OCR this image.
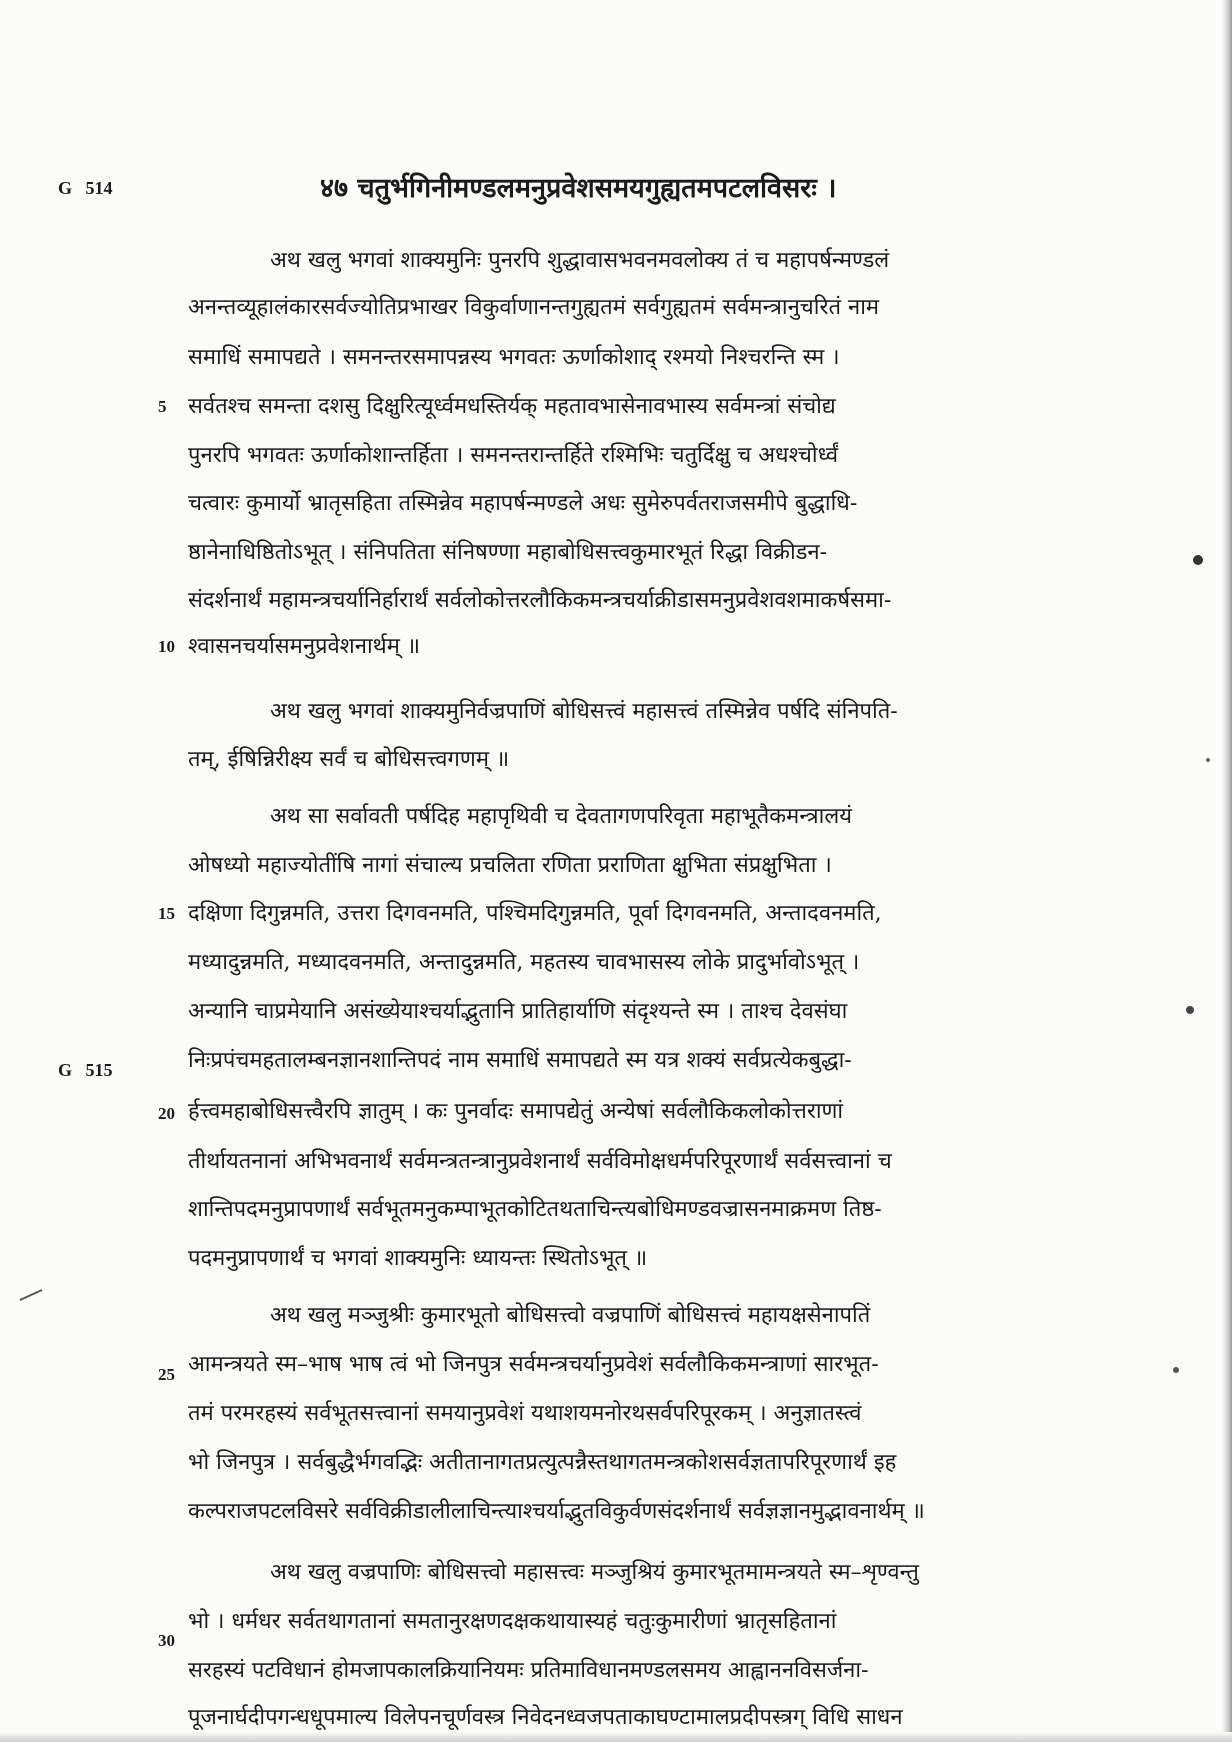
G   514
G   515
४७ चतुर्भगिनीमण्डलमनुप्रवेशसमयगुह्यतमपटलविसरः ।
5
10
15
20
25
30
अथ खलु भगवां शाक्यमुनिः पुनरपि शुद्धावासभवनमवलोक्य तं च महापर्षन्मण्डलं
अनन्तव्यूहालंकारसर्वज्योतिप्रभाखर विकुर्वाणानन्तगुह्यतमं सर्वगुह्यतमं सर्वमन्त्रानुचरितं नाम
समाधिं समापद्यते । समनन्तरसमापन्नस्य भगवतः ऊर्णाकोशाद् रश्मयो निश्चरन्ति स्म ।
सर्वतश्च समन्ता दशसु दिक्षुरित्यूर्ध्वमधस्तिर्यक् महतावभासेनावभास्य सर्वमन्त्रां संचोद्य
पुनरपि भगवतः ऊर्णाकोशान्तर्हिता । समनन्तरान्तर्हिते रश्मिभिः चतुर्दिक्षु च अधश्चोर्ध्वं
चत्वारः कुमार्यो भ्रातृसहिता तस्मिन्नेव महापर्षन्मण्डले अधः सुमेरुपर्वतराजसमीपे बुद्धाधि-
ष्ठानेनाधिष्ठितोऽभूत् । संनिपतिता संनिषण्णा महाबोधिसत्त्वकुमारभूतं रिद्धा विक्रीडन-
संदर्शनार्थं महामन्त्रचर्यानिर्हारार्थं सर्वलोकोत्तरलौकिकमन्त्रचर्याक्रीडासमनुप्रवेशवशमाकर्षसमा-
श्वासनचर्यासमनुप्रवेशनार्थम् ॥
अथ खलु भगवां शाक्यमुनिर्वज्रपाणिं बोधिसत्त्वं महासत्त्वं तस्मिन्नेव पर्षदि संनिपति-
तम्, ईषिन्निरीक्ष्य सर्वं च बोधिसत्त्वगणम् ॥
अथ सा सर्वावती पर्षदिह महापृथिवी च देवतागणपरिवृता महाभूतैकमन्त्रालयं
ओषध्यो महाज्योतींषि नागां संचाल्य प्रचलिता रणिता प्रराणिता क्षुभिता संप्रक्षुभिता ।
दक्षिणा दिगुन्नमति, उत्तरा दिगवनमति, पश्चिमदिगुन्नमति, पूर्वा दिगवनमति, अन्तादवनमति,
मध्यादुन्नमति, मध्यादवनमति, अन्तादुन्नमति, महतस्य चावभासस्य लोके प्रादुर्भावोऽभूत् ।
अन्यानि चाप्रमेयानि असंख्येयाश्चर्याद्भुतानि प्रातिहार्याणि संदृश्यन्ते स्म । ताश्च देवसंघा
निःप्रपंचमहतालम्बनज्ञानशान्तिपदं नाम समाधिं समापद्यते स्म यत्र शक्यं सर्वप्रत्येकबुद्धा-
र्हत्त्वमहाबोधिसत्त्वैरपि ज्ञातुम् । कः पुनर्वादः समापद्येतुं अन्येषां सर्वलौकिकलोकोत्तराणां
तीर्थायतनानां अभिभवनार्थं सर्वमन्त्रतन्त्रानुप्रवेशनार्थं सर्वविमोक्षधर्मपरिपूरणार्थं सर्वसत्त्वानां च
शान्तिपदमनुप्रापणार्थं सर्वभूतमनुकम्पाभूतकोटितथताचिन्त्यबोधिमण्डवज्रासनमाक्रमण तिष्ठ-
पदमनुप्रापणार्थं च भगवां शाक्यमुनिः ध्यायन्तः स्थितोऽभूत् ॥
अथ खलु मञ्जुश्रीः कुमारभूतो बोधिसत्त्वो वज्रपाणिं बोधिसत्त्वं महायक्षसेनापतिं
आमन्त्रयते स्म–भाष भाष त्वं भो जिनपुत्र सर्वमन्त्रचर्यानुप्रवेशं सर्वलौकिकमन्त्राणां सारभूत-
तमं परमरहस्यं सर्वभूतसत्त्वानां समयानुप्रवेशं यथाशयमनोरथसर्वपरिपूरकम् । अनुज्ञातस्त्वं
भो जिनपुत्र । सर्वबुद्धैर्भगवद्भिः अतीतानागतप्रत्युत्पन्नैस्तथागतमन्त्रकोशसर्वज्ञतापरिपूरणार्थं इह
कल्पराजपटलविसरे सर्वविक्रीडालीलाचिन्त्याश्चर्याद्भुतविकुर्वणसंदर्शनार्थं सर्वज्ञज्ञानमुद्भावनार्थम् ॥
अथ खलु वज्रपाणिः बोधिसत्त्वो महासत्त्वः मञ्जुश्रियं कुमारभूतमामन्त्रयते स्म–शृण्वन्तु
भो । धर्मधर सर्वतथागतानां समतानुरक्षणदक्षकथायास्यहं चतुःकुमारीणां भ्रातृसहितानां
सरहस्यं पटविधानं होमजापकालक्रियानियमः प्रतिमाविधानमण्डलसमय आह्वाननविसर्जना-
पूजनार्घदीपगन्धधूपमाल्य विलेपनचूर्णवस्त्र निवेदनध्वजपताकाघण्टामालप्रदीपस्त्रग् विधि साधन
